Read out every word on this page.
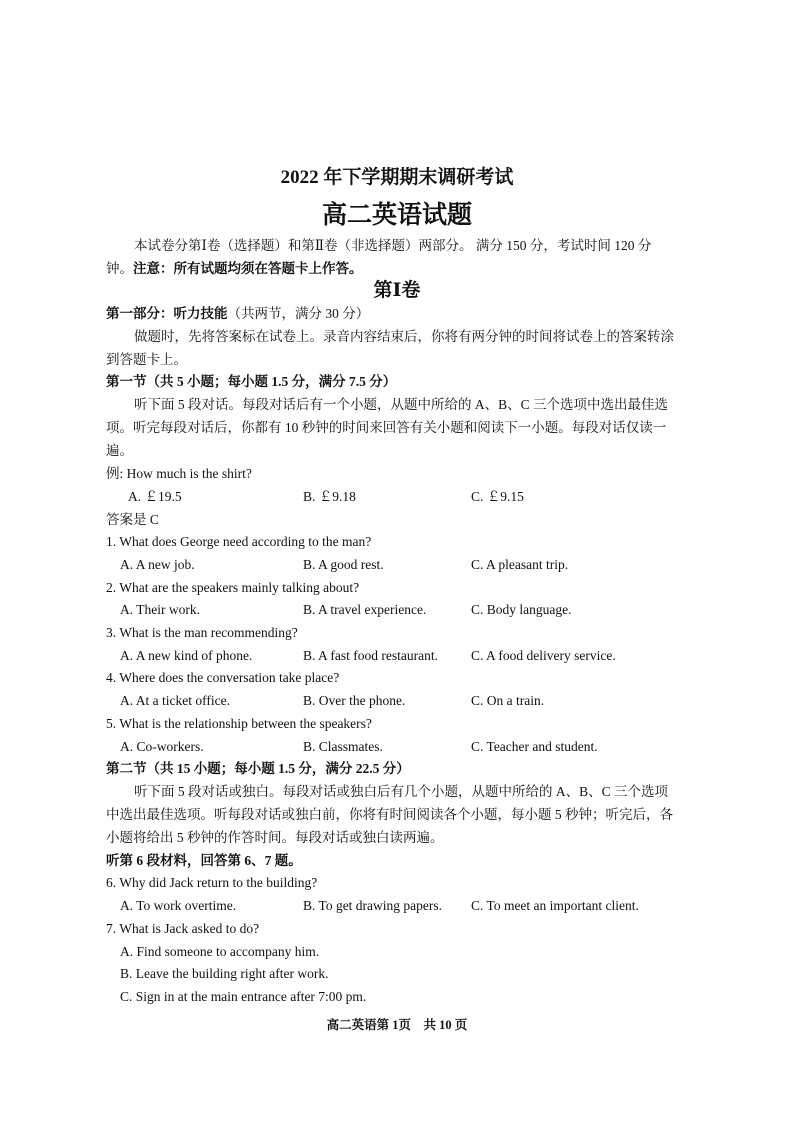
2022 年下学期期末调研考试
高二英语试题
本试卷分第Ⅰ卷（选择题）和第Ⅱ卷（非选择题）两部分。 满分 150 分，考试时间 120 分
钟。注意：所有试题均须在答题卡上作答。
第Ⅰ卷
第一部分：听力技能（共两节，满分 30 分）
做题时，先将答案标在试卷上。录音内容结束后，你将有两分钟的时间将试卷上的答案转涂
到答题卡上。
第一节（共 5 小题；每小题 1.5 分，满分 7.5 分）
听下面 5 段对话。每段对话后有一个小题，从题中所给的 A、B、C 三个选项中选出最佳选
项。听完每段对话后，你都有 10 秒钟的时间来回答有关小题和阅读下一小题。每段对话仅读一
遍。
例: How much is the shirt?
A. ￡19.5	B. ￡9.18	C. ￡9.15
答案是 C
1. What does George need according to the man?
A. A new job.	B. A good rest.	C. A pleasant trip.
2. What are the speakers mainly talking about?
A. Their work.	B. A travel experience.	C. Body language.
3. What is the man recommending?
A. A new kind of phone.	B. A fast food restaurant. C. A food delivery service.
4. Where does the conversation take place?
A. At a ticket office.	B. Over the phone.	C. On a train.
5. What is the relationship between the speakers?
A. Co-workers.	B. Classmates.	C. Teacher and student.
第二节（共 15 小题；每小题 1.5 分，满分 22.5 分）
听下面 5 段对话或独白。每段对话或独白后有几个小题，从题中所给的 A、B、C 三个选项
中选出最佳选项。听每段对话或独白前，你将有时间阅读各个小题，每小题 5 秒钟；听完后，各
小题将给出 5 秒钟的作答时间。每段对话或独白读两遍。
听第 6 段材料，回答第 6、7 题。
6. Why did Jack return to the building?
A. To work overtime.	B. To get drawing papers. C. To meet an important client.
7. What is Jack asked to do?
A. Find someone to accompany him.
B. Leave the building right after work.
C. Sign in at the main entrance after 7:00 pm.
高二英语第 1页　共 10 页
